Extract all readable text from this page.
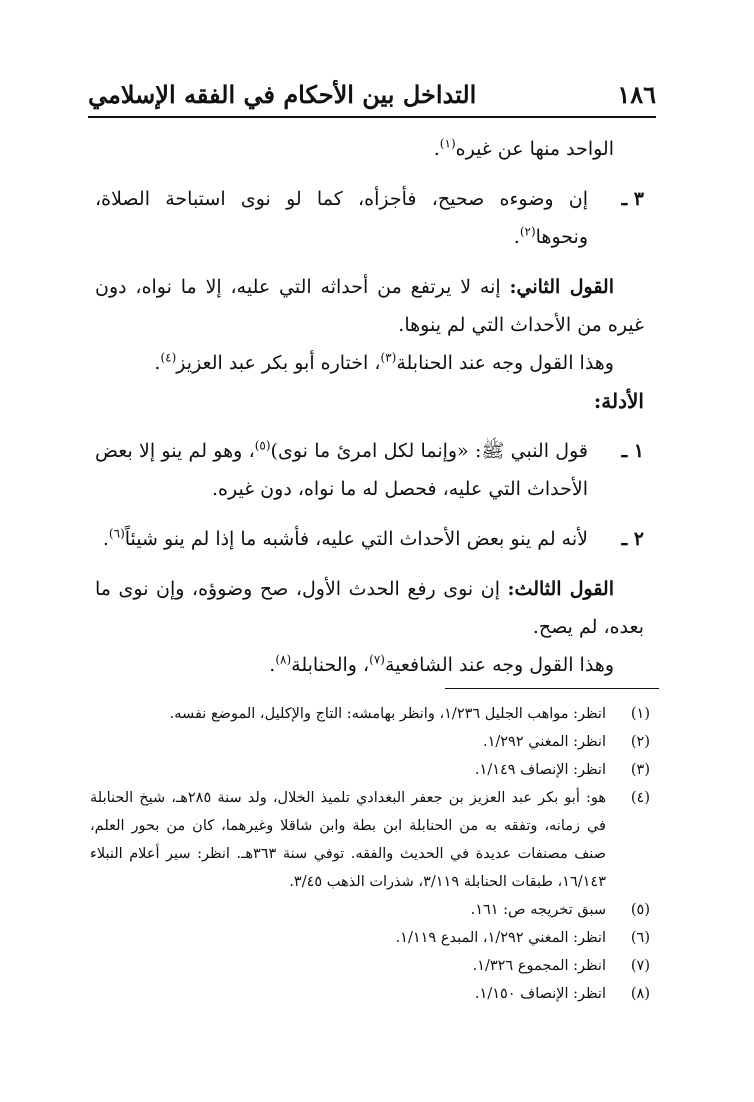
١٨٦
التداخل بين الأحكام في الفقه الإسلامي

الواحد منها عن غيره$^{(١)}$.

٣ ـ
إن وضوءه صحيح، فأجزأه، كما لو نوى استباحة الصلاة، ونحوها$^{(٢)}$.

القول الثاني: إنه لا يرتفع من أحداثه التي عليه، إلا ما نواه، دون غيره من الأحداث التي لم ينوها.

وهذا القول وجه عند الحنابلة$^{(٣)}$، اختاره أبو بكر عبد العزيز$^{(٤)}$.

الأدلة:

١ ـ
قول النبي ﷺ: «وإنما لكل امرئ ما نوى)$^{(٥)}$، وهو لم ينو إلا بعض الأحداث التي عليه، فحصل له ما نواه، دون غيره.

٢ ـ
لأنه لم ينو بعض الأحداث التي عليه، فأشبه ما إذا لم ينو شيئاً$^{(٦)}$.

القول الثالث: إن نوى رفع الحدث الأول، صح وضوؤه، وإن نوى ما بعده، لم يصح.

وهذا القول وجه عند الشافعية$^{(٧)}$، والحنابلة$^{(٨)}$.

(١)
انظر: مواهب الجليل ١/٢٣٦، وانظر بهامشه: التاج والإكليل، الموضع نفسه.

(٢)
انظر: المغني ١/٢٩٢.

(٣)
انظر: الإنصاف ١/١٤٩.

(٤)
هو: أبو بكر عبد العزيز بن جعفر البغدادي تلميذ الخلال، ولد سنة ٢٨٥هـ، شيخ الحنابلة في زمانه، وتفقه به من الحنابلة ابن بطة وابن شاقلا وغيرهما، كان من بحور العلم، صنف مصنفات عديدة في الحديث والفقه. توفي سنة ٣٦٣هـ. انظر: سير أعلام النبلاء ١٦/١٤٣، طبقات الحنابلة ٣/١١٩، شذرات الذهب ٣/٤٥.

(٥)
سبق تخريجه ص: ١٦١.

(٦)
انظر: المغني ١/٢٩٢، المبدع ١/١١٩.

(٧)
انظر: المجموع ١/٣٢٦.

(٨)
انظر: الإنصاف ١/١٥٠.
